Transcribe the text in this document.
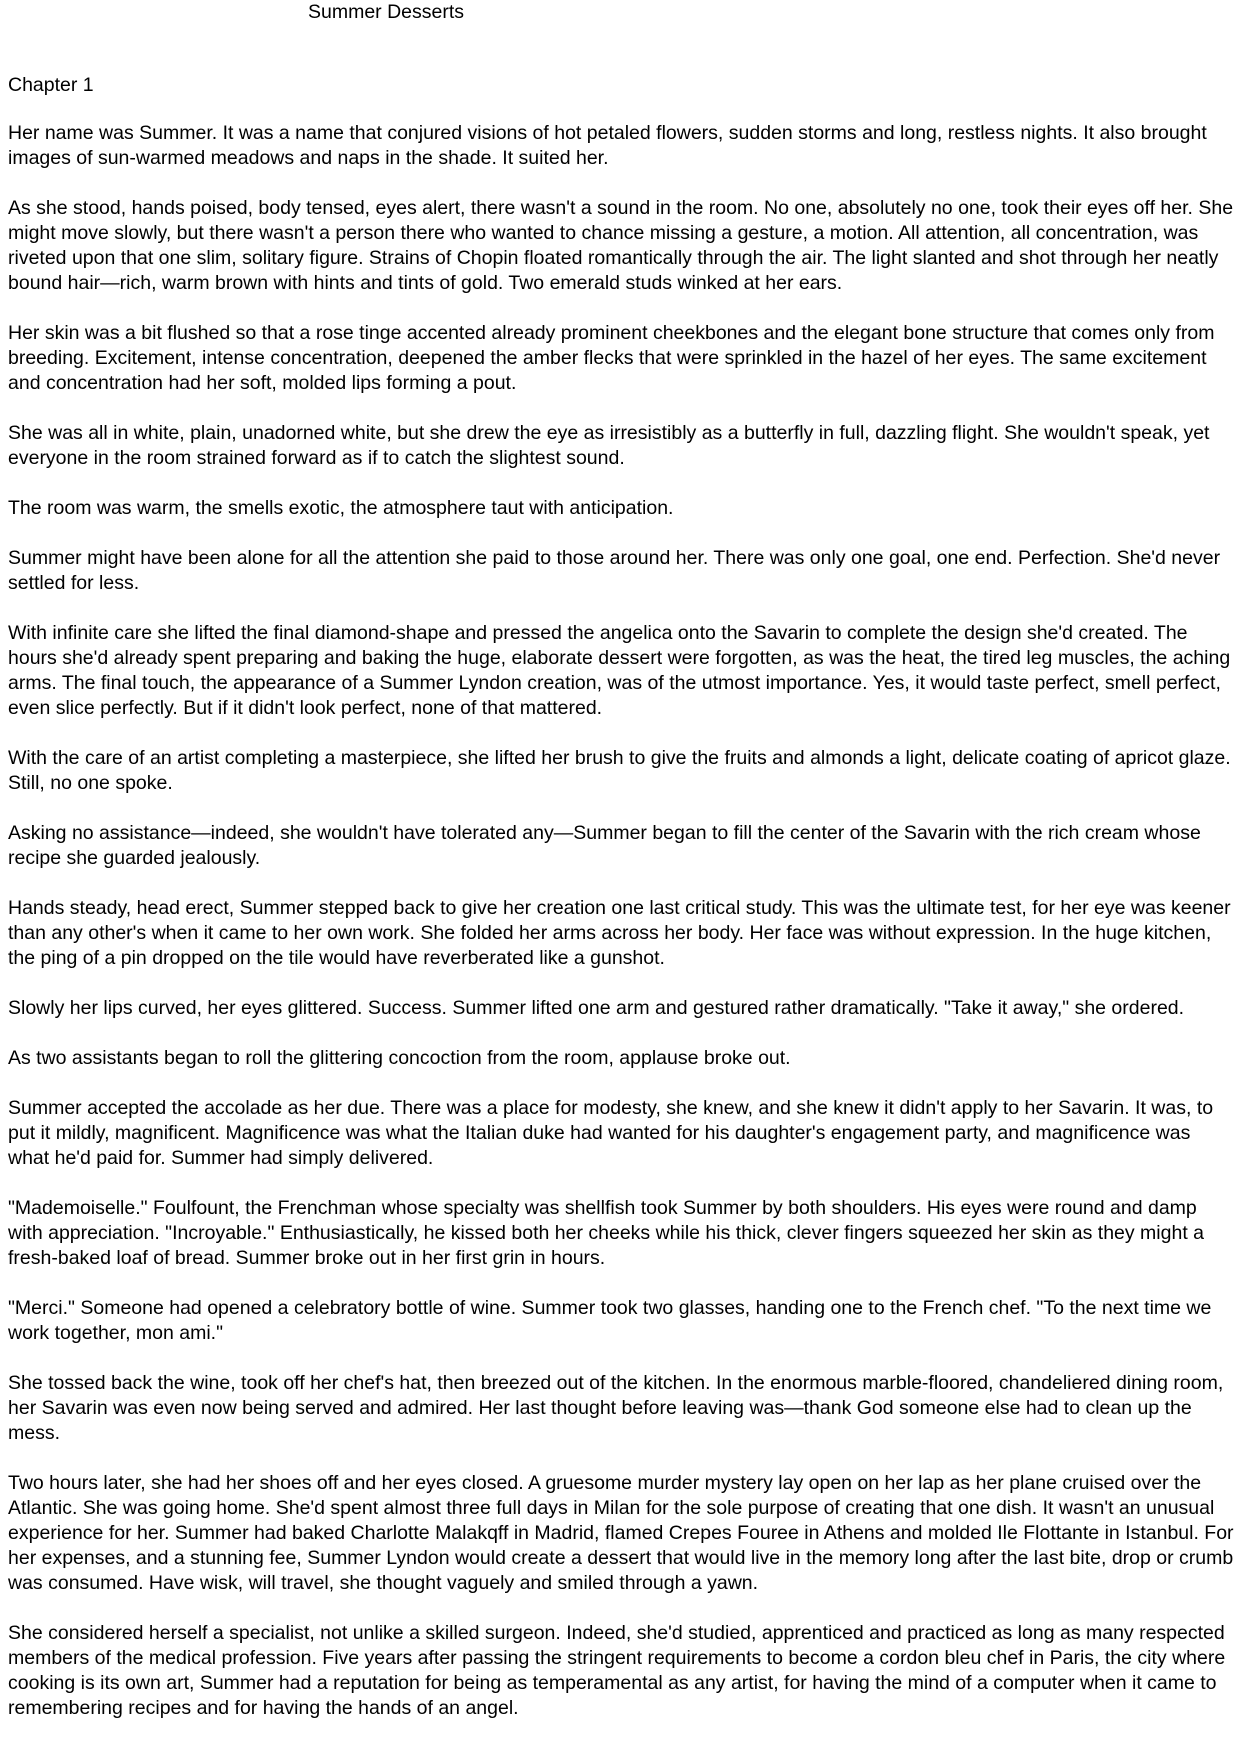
Summer Desserts
Chapter 1

Her name was Summer. It was a name that conjured visions of hot petaled flowers, sudden storms and long, restless nights. It also brought images of sun-warmed meadows and naps in the shade. It suited her.

As she stood, hands poised, body tensed, eyes alert, there wasn't a sound in the room. No one, absolutely no one, took their eyes off her. She might move slowly, but there wasn't a person there who wanted to chance missing a gesture, a motion. All attention, all concentration, was riveted upon that one slim, solitary figure. Strains of Chopin floated romantically through the air. The light slanted and shot through her neatly bound hair—rich, warm brown with hints and tints of gold. Two emerald studs winked at her ears.

Her skin was a bit flushed so that a rose tinge accented already prominent cheekbones and the elegant bone structure that comes only from breeding. Excitement, intense concentration, deepened the amber flecks that were sprinkled in the hazel of her eyes. The same excitement and concentration had her soft, molded lips forming a pout.

She was all in white, plain, unadorned white, but she drew the eye as irresistibly as a butterfly in full, dazzling flight. She wouldn't speak, yet everyone in the room strained forward as if to catch the slightest sound.

The room was warm, the smells exotic, the atmosphere taut with anticipation.

Summer might have been alone for all the attention she paid to those around her. There was only one goal, one end. Perfection. She'd never settled for less.

With infinite care she lifted the final diamond-shape and pressed the angelica onto the Savarin to complete the design she'd created. The hours she'd already spent preparing and baking the huge, elaborate dessert were forgotten, as was the heat, the tired leg muscles, the aching arms. The final touch, the appearance of a Summer Lyndon creation, was of the utmost importance. Yes, it would taste perfect, smell perfect, even slice perfectly. But if it didn't look perfect, none of that mattered.

With the care of an artist completing a masterpiece, she lifted her brush to give the fruits and almonds a light, delicate coating of apricot glaze. Still, no one spoke.

Asking no assistance—indeed, she wouldn't have tolerated any—Summer began to fill the center of the Savarin with the rich cream whose recipe she guarded jealously.

Hands steady, head erect, Summer stepped back to give her creation one last critical study. This was the ultimate test, for her eye was keener than any other's when it came to her own work. She folded her arms across her body. Her face was without expression. In the huge kitchen, the ping of a pin dropped on the tile would have reverberated like a gunshot.

Slowly her lips curved, her eyes glittered. Success. Summer lifted one arm and gestured rather dramatically. "Take it away," she ordered.

As two assistants began to roll the glittering concoction from the room, applause broke out.

Summer accepted the accolade as her due. There was a place for modesty, she knew, and she knew it didn't apply to her Savarin. It was, to put it mildly, magnificent. Magnificence was what the Italian duke had wanted for his daughter's engagement party, and magnificence was what he'd paid for. Summer had simply delivered.

"Mademoiselle." Foulfount, the Frenchman whose specialty was shellfish took Summer by both shoulders. His eyes were round and damp with appreciation. "Incroyable." Enthusiastically, he kissed both her cheeks while his thick, clever fingers squeezed her skin as they might a fresh-baked loaf of bread. Summer broke out in her first grin in hours.

"Merci." Someone had opened a celebratory bottle of wine. Summer took two glasses, handing one to the French chef. "To the next time we work together, mon ami."

She tossed back the wine, took off her chef's hat, then breezed out of the kitchen. In the enormous marble-floored, chandeliered dining room, her Savarin was even now being served and admired. Her last thought before leaving was—thank God someone else had to clean up the mess.

Two hours later, she had her shoes off and her eyes closed. A gruesome murder mystery lay open on her lap as her plane cruised over the Atlantic. She was going home. She'd spent almost three full days in Milan for the sole purpose of creating that one dish. It wasn't an unusual experience for her. Summer had baked Charlotte Malakqff in Madrid, flamed Crepes Fouree in Athens and molded Ile Flottante in Istanbul. For her expenses, and a stunning fee, Summer Lyndon would create a dessert that would live in the memory long after the last bite, drop or crumb was consumed. Have wisk, will travel, she thought vaguely and smiled through a yawn.

She considered herself a specialist, not unlike a skilled surgeon. Indeed, she'd studied, apprenticed and practiced as long as many respected members of the medical profession. Five years after passing the stringent requirements to become a cordon bleu chef in Paris, the city where cooking is its own art, Summer had a reputation for being as temperamental as any artist, for having the mind of a computer when it came to remembering recipes and for having the hands of an angel.
